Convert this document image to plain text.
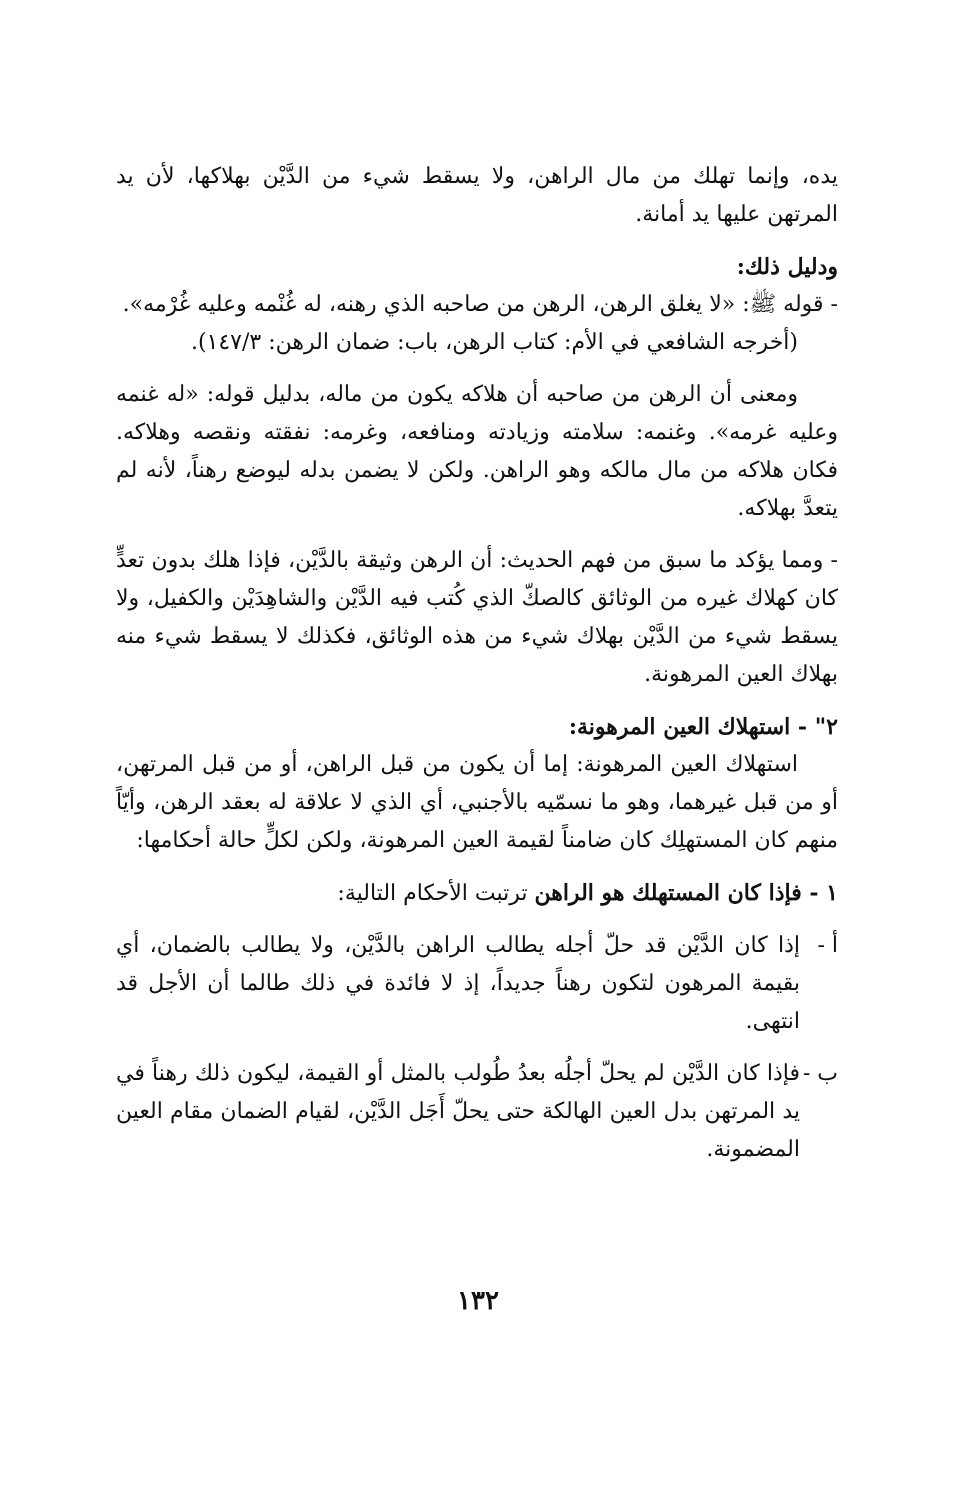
يده، وإنما تهلك من مال الراهن، ولا يسقط شيء من الدَّيْن بهلاكها، لأن يد المرتهن عليها يد أمانة.

ودليل ذلك:

- قوله ﷺ: «لا يغلق الرهن، الرهن من صاحبه الذي رهنه، له غُنْمه وعليه غُرْمه».

(أخرجه الشافعي في الأم: كتاب الرهن، باب: ضمان الرهن: ١٤٧/٣).

ومعنى أن الرهن من صاحبه أن هلاكه يكون من ماله، بدليل قوله: «له غنمه وعليه غرمه». وغنمه: سلامته وزيادته ومنافعه، وغرمه: نفقته ونقصه وهلاكه. فكان هلاكه من مال مالكه وهو الراهن. ولكن لا يضمن بدله ليوضع رهناً، لأنه لم يتعدَّ بهلاكه.

- ومما يؤكد ما سبق من فهم الحديث: أن الرهن وثيقة بالدَّيْن، فإذا هلك بدون تعدٍّ كان كهلاك غيره من الوثائق كالصكّ الذي كُتب فيه الدَّيْن والشاهِدَيْن والكفيل، ولا يسقط شيء من الدَّيْن بهلاك شيء من هذه الوثائق، فكذلك لا يسقط شيء منه بهلاك العين المرهونة.

٢" - استهلاك العين المرهونة:

استهلاك العين المرهونة: إما أن يكون من قبل الراهن، أو من قبل المرتهن، أو من قبل غيرهما، وهو ما نسمّيه بالأجنبي، أي الذي لا علاقة له بعقد الرهن، وأيّاً منهم كان المستهلِك كان ضامناً لقيمة العين المرهونة، ولكن لكلٍّ حالة أحكامها:

١ - فإذا كان المستهلك هو الراهن ترتبت الأحكام التالية:

أ -
إذا كان الدَّيْن قد حلّ أجله يطالب الراهن بالدَّيْن، ولا يطالب بالضمان، أي بقيمة المرهون لتكون رهناً جديداً، إذ لا فائدة في ذلك طالما أن الأجل قد انتهى.
ب -
فإذا كان الدَّيْن لم يحلّ أجلُه بعدُ طُولب بالمثل أو القيمة، ليكون ذلك رهناً في يد المرتهن بدل العين الهالكة حتى يحلّ أَجَل الدَّيْن، لقيام الضمان مقام العين المضمونة.
١٣٢
